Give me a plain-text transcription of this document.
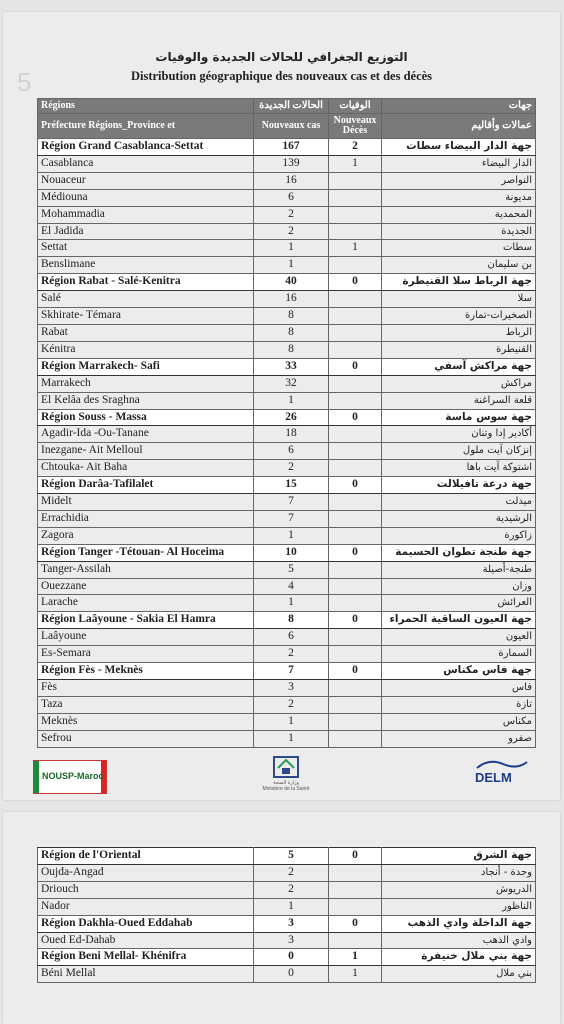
5
التوزيع الجغرافي للحالات الجديدة والوفيات
Distribution géographique des nouveaux cas et des décès
Régions	الحالات الجديدة	الوفيات	جهات
Préfecture Régions_Province et	Nouveaux cas	Nouveaux Décès	عمالات وأقاليم
Région Grand Casablanca-Settat	167	2	جهة الدار البيضاء سطات
Casablanca	139	1	الدار البيضاء
Nouaceur	16		النواصر
Médiouna	6		مديونة
Mohammadia	2		المحمدية
El Jadida	2		الجديدة
Settat	1	1	سطات
Benslimane	1		بن سليمان
Région Rabat - Salé-Kenitra	40	0	جهة الرباط سلا القنيطرة
Salé	16		سلا
Skhirate- Témara	8		الصخيرات-تمارة
Rabat	8		الرباط
Kénitra	8		القنيطرة
Région Marrakech- Safi	33	0	جهة مراكش آسفي
Marrakech	32		مراكش
El Kelâa des Sraghna	1		قلعة السراغنة
Région Souss - Massa	26	0	جهة سوس ماسة
Agadir-Ida -Ou-Tanane	18		أكادير إدا وتنان
Inezgane- Ait Melloul	6		إنزكان آيت ملول
Chtouka- Ait Baha	2		اشتوكة آيت باها
Région Darâa-Tafilalet	15	0	جهة درعة تافيلالت
Midelt	7		ميدلت
Errachidia	7		الرشيدية
Zagora	1		زاكورة
Région Tanger -Tétouan- Al Hoceima	10	0	جهة طنجة تطوان الحسيمة
Tanger-Assilah	5		طنجة-أصيلة
Ouezzane	4		وزان
Larache	1		العرائش
Région Laâyoune - Sakia El Hamra	8	0	جهة العيون الساقية الحمراء
Laâyoune	6		العيون
Es-Semara	2		السمارة
Région Fès - Meknès	7	0	جهة فاس مكناس
Fès	3		فاس
Taza	2		تازة
Meknès	1		مكناس
Sefrou	1		صفرو
NOUSP-Maroc
وزارة الصحة
Ministère de la Santé
DELM
Région de l'Oriental	5	0	جهة الشرق
Oujda-Angad	2		وجدة - أنجاد
Driouch	2		الدريوش
Nador	1		الناظور
Région Dakhla-Oued Eddahab	3	0	جهة الداخلة وادي الذهب
Oued Ed-Dahab	3		وادي الذهب
Région Beni Mellal- Khénifra	0	1	جهة بني ملال خنيفرة
Béni Mellal	0	1	بني ملال
